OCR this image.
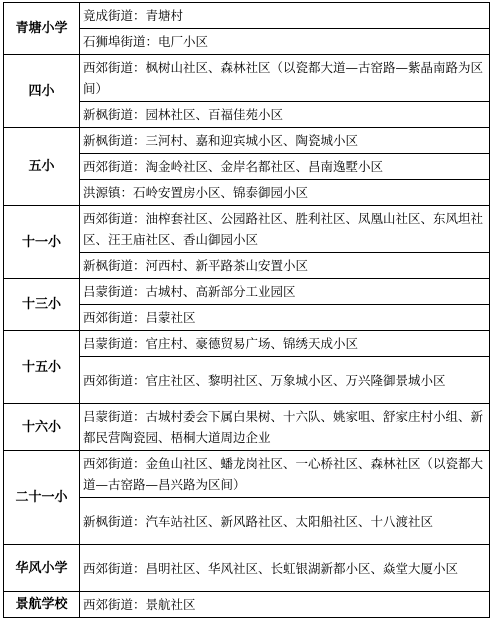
青塘小学	竟成街道：青塘村
	石狮埠街道：电厂小区
四小	西郊街道：枫树山社区、森林社区（以瓷都大道—古窑路—紫晶南路为区间）
	新枫街道：园林社区、百福佳苑小区
五小	新枫街道：三河村、嘉和迎宾城小区、陶瓷城小区
	西郊街道：淘金岭社区、金岸名都社区、昌南逸墅小区
	洪源镇：石岭安置房小区、锦泰御园小区
十一小	西郊街道：油榨套社区、公园路社区、胜利社区、凤凰山社区、东风坦社区、汪王庙社区、香山御园小区
	新枫街道：河西村、新平路茶山安置小区
十三小	吕蒙街道：古城村、高新部分工业园区
	西郊街道：吕蒙社区
十五小	吕蒙街道：官庄村、豪德贸易广场、锦绣天成小区
	西郊街道：官庄社区、黎明社区、万象城小区、万兴隆御景城小区
十六小	吕蒙街道：古城村委会下属白果树、十六队、姚家咀、舒家庄村小组、新都民营陶瓷园、梧桐大道周边企业
二十一小	西郊街道：金鱼山社区、蟠龙岗社区、一心桥社区、森林社区（以瓷都大道—古窑路—昌兴路为区间）
	新枫街道：汽车站社区、新风路社区、太阳船社区、十八渡社区
华风小学	西郊街道：昌明社区、华风社区、长虹银湖新都小区、焱堂大厦小区
景航学校	西郊街道：景航社区
